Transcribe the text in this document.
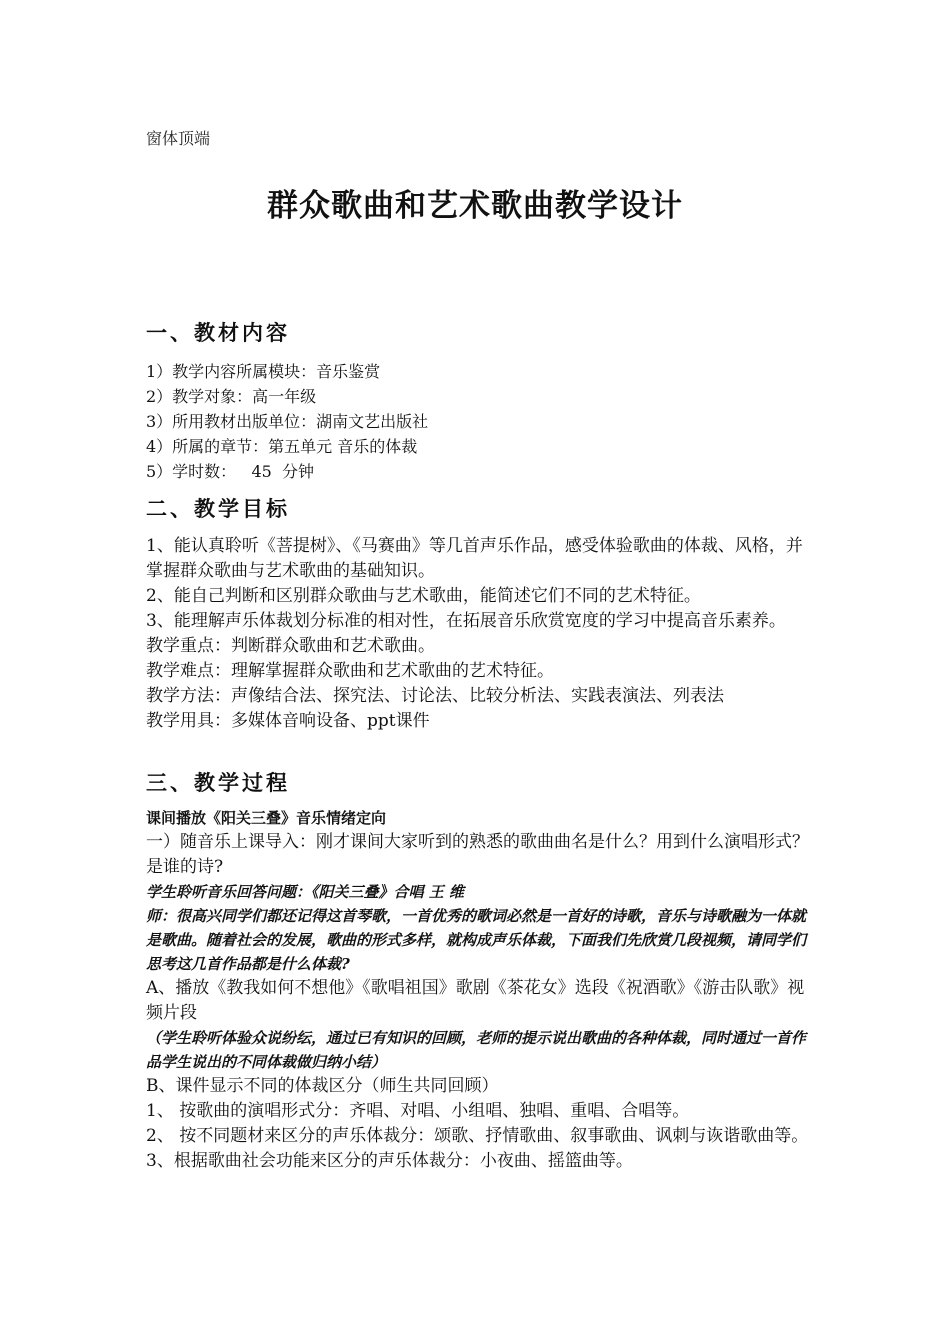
窗体顶端
群众歌曲和艺术歌曲教学设计

一、教材内容

1）教学内容所属模块：音乐鉴赏

2）教学对象：高一年级

3）所用教材出版单位：湖南文艺出版社

4）所属的章节：第五单元 音乐的体裁

5）学时数：   45  分钟

二、教学目标

1、能认真聆听《菩提树》、《马赛曲》等几首声乐作品，感受体验歌曲的体裁、风格，并掌握群众歌曲与艺术歌曲的基础知识。

2、能自己判断和区别群众歌曲与艺术歌曲，能简述它们不同的艺术特征。

3、能理解声乐体裁划分标准的相对性，在拓展音乐欣赏宽度的学习中提高音乐素养。

教学重点：判断群众歌曲和艺术歌曲。

教学难点：理解掌握群众歌曲和艺术歌曲的艺术特征。

教学方法：声像结合法、探究法、讨论法、比较分析法、实践表演法、列表法

教学用具：多媒体音响设备、ppt课件

三、教学过程

课间播放《阳关三叠》音乐情绪定向

一）随音乐上课导入：刚才课间大家听到的熟悉的歌曲曲名是什么？用到什么演唱形式？是谁的诗?

学生聆听音乐回答问题：《阳关三叠》合唱 王 维

师：很高兴同学们都还记得这首琴歌，一首优秀的歌词必然是一首好的诗歌，音乐与诗歌融为一体就是歌曲。随着社会的发展，歌曲的形式多样，就构成声乐体裁，下面我们先欣赏几段视频，请同学们思考这几首作品都是什么体裁?

A、播放《教我如何不想他》《歌唱祖国》歌剧《茶花女》选段《祝酒歌》《游击队歌》视频片段

（学生聆听体验众说纷纭，通过已有知识的回顾，老师的提示说出歌曲的各种体裁，同时通过一首作品学生说出的不同体裁做归纳小结）

B、课件显示不同的体裁区分（师生共同回顾）

1、 按歌曲的演唱形式分：齐唱、对唱、小组唱、独唱、重唱、合唱等。

2、 按不同题材来区分的声乐体裁分：颂歌、抒情歌曲、叙事歌曲、讽刺与诙谐歌曲等。

3、根据歌曲社会功能来区分的声乐体裁分：小夜曲、摇篮曲等。
